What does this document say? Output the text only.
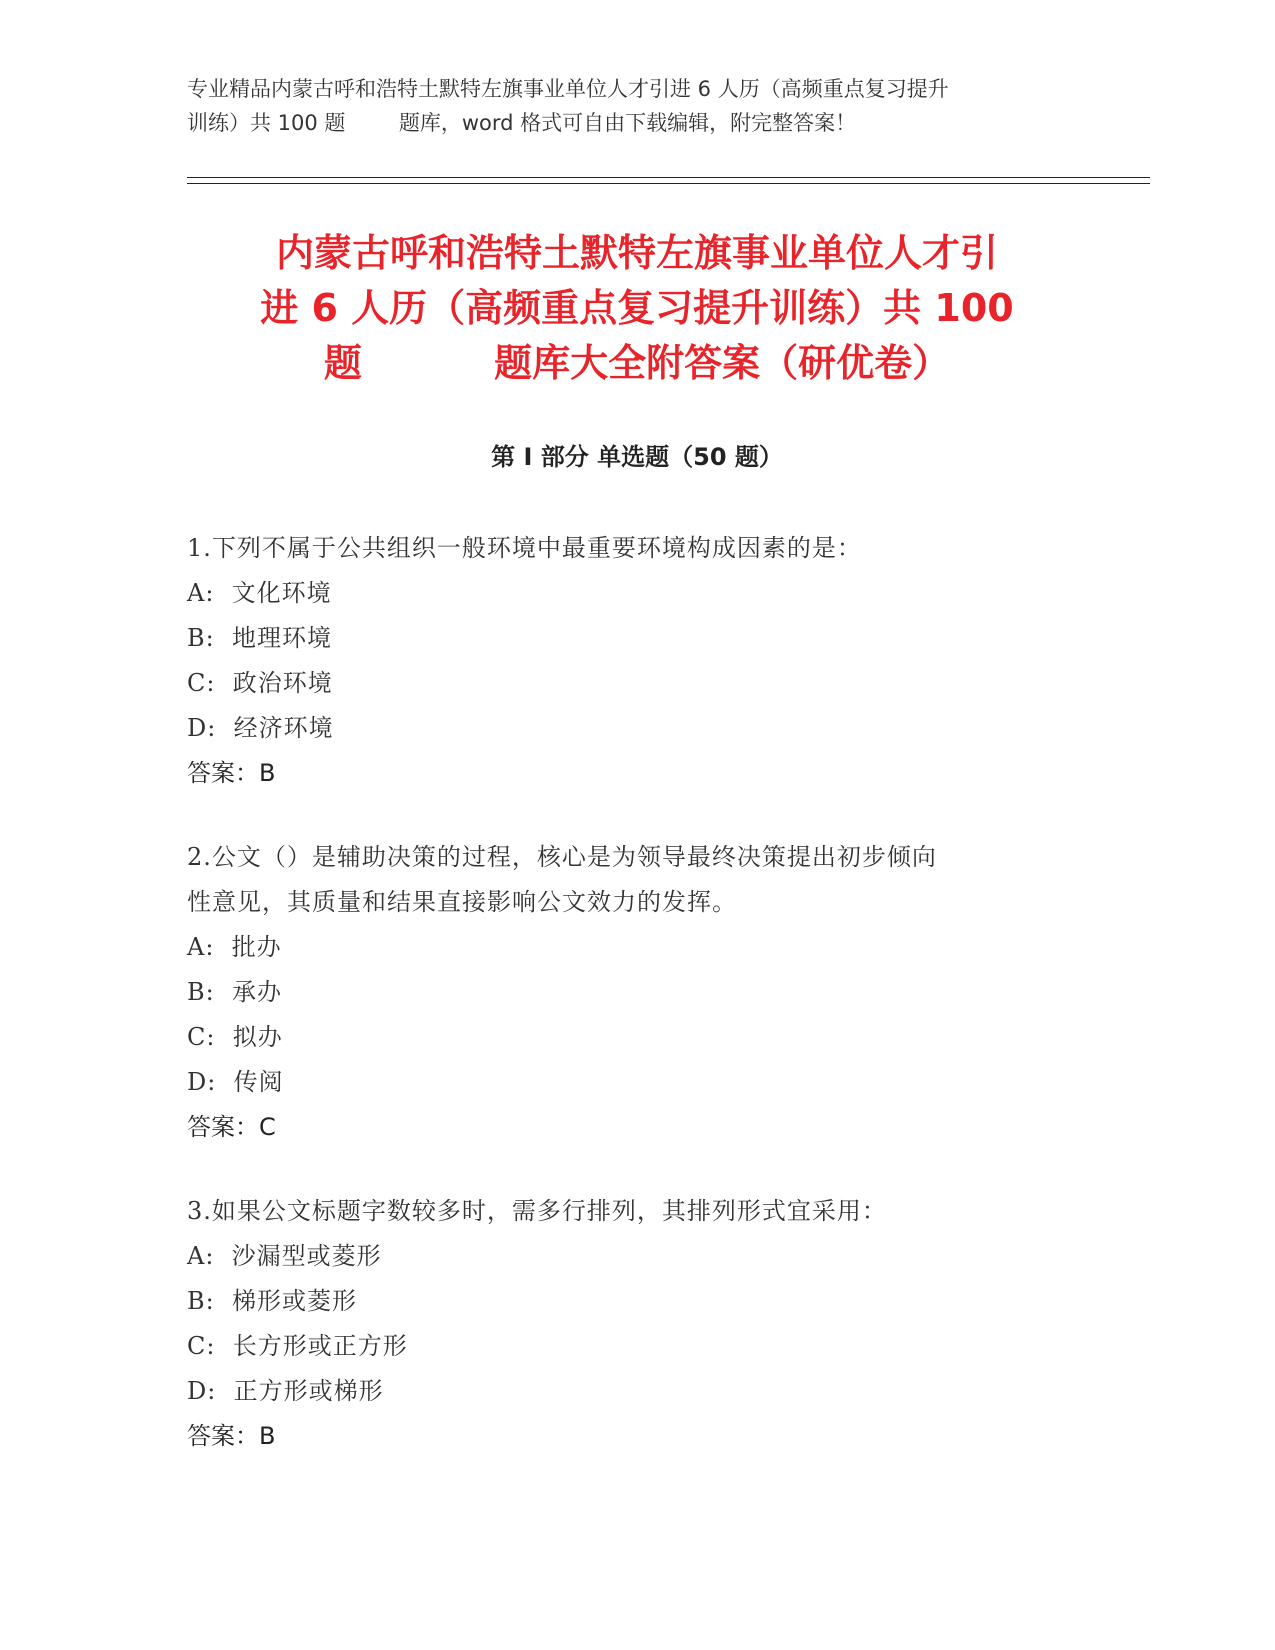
专业精品内蒙古呼和浩特土默特左旗事业单位人才引进 6 人历（高频重点复习提升
训练）共 100 题        题库，word 格式可自由下载编辑，附完整答案！
内蒙古呼和浩特土默特左旗事业单位人才引
进 6 人历（高频重点复习提升训练）共 100
题          题库大全附答案（研优卷）
第 I 部分 单选题（50 题）
1.下列不属于公共组织一般环境中最重要环境构成因素的是：
A:  文化环境
B:  地理环境
C:  政治环境
D:  经济环境
答案：B
2.公文（）是辅助决策的过程，核心是为领导最终决策提出初步倾向
性意见，其质量和结果直接影响公文效力的发挥。
A:  批办
B:  承办
C:  拟办
D:  传阅
答案：C
3.如果公文标题字数较多时，需多行排列，其排列形式宜采用：
A:  沙漏型或菱形
B:  梯形或菱形
C:  长方形或正方形
D:  正方形或梯形
答案：B
